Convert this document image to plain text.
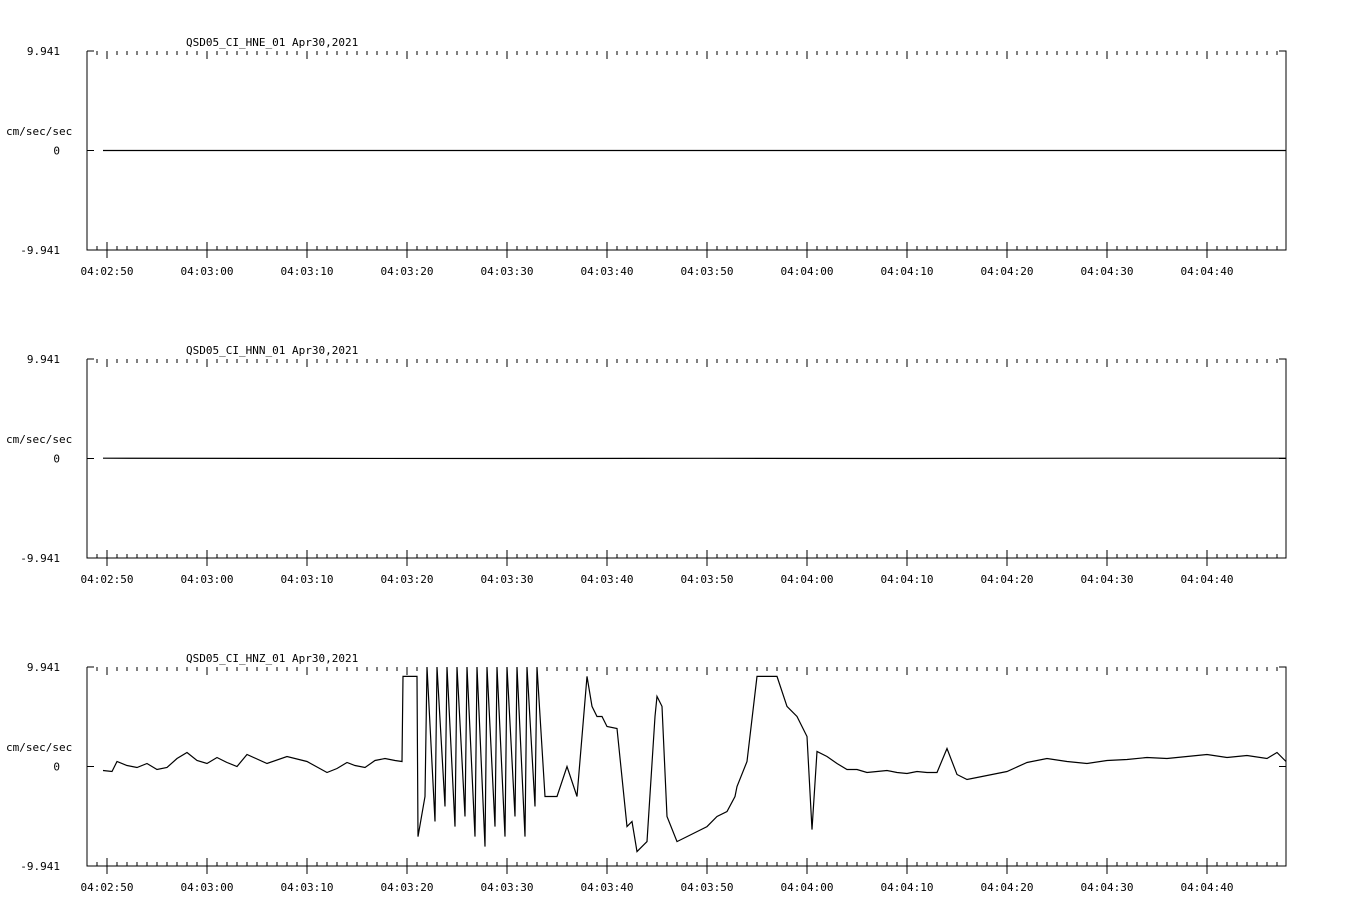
QSD05_CI_HNE_01 Apr30,2021
cm/sec/sec
9.941
0
-9.941
04:02:50	04:03:00	04:03:10	04:03:20	04:03:30	04:03:40	04:03:50	04:04:00	04:04:10	04:04:20	04:04:30	04:04:40
QSD05_CI_HNN_01 Apr30,2021
cm/sec/sec
9.941
0
-9.941
04:02:50	04:03:00	04:03:10	04:03:20	04:03:30	04:03:40	04:03:50	04:04:00	04:04:10	04:04:20	04:04:30	04:04:40
QSD05_CI_HNZ_01 Apr30,2021
cm/sec/sec
9.941
0
-9.941
04:02:50	04:03:00	04:03:10	04:03:20	04:03:30	04:03:40	04:03:50	04:04:00	04:04:10	04:04:20	04:04:30	04:04:40
